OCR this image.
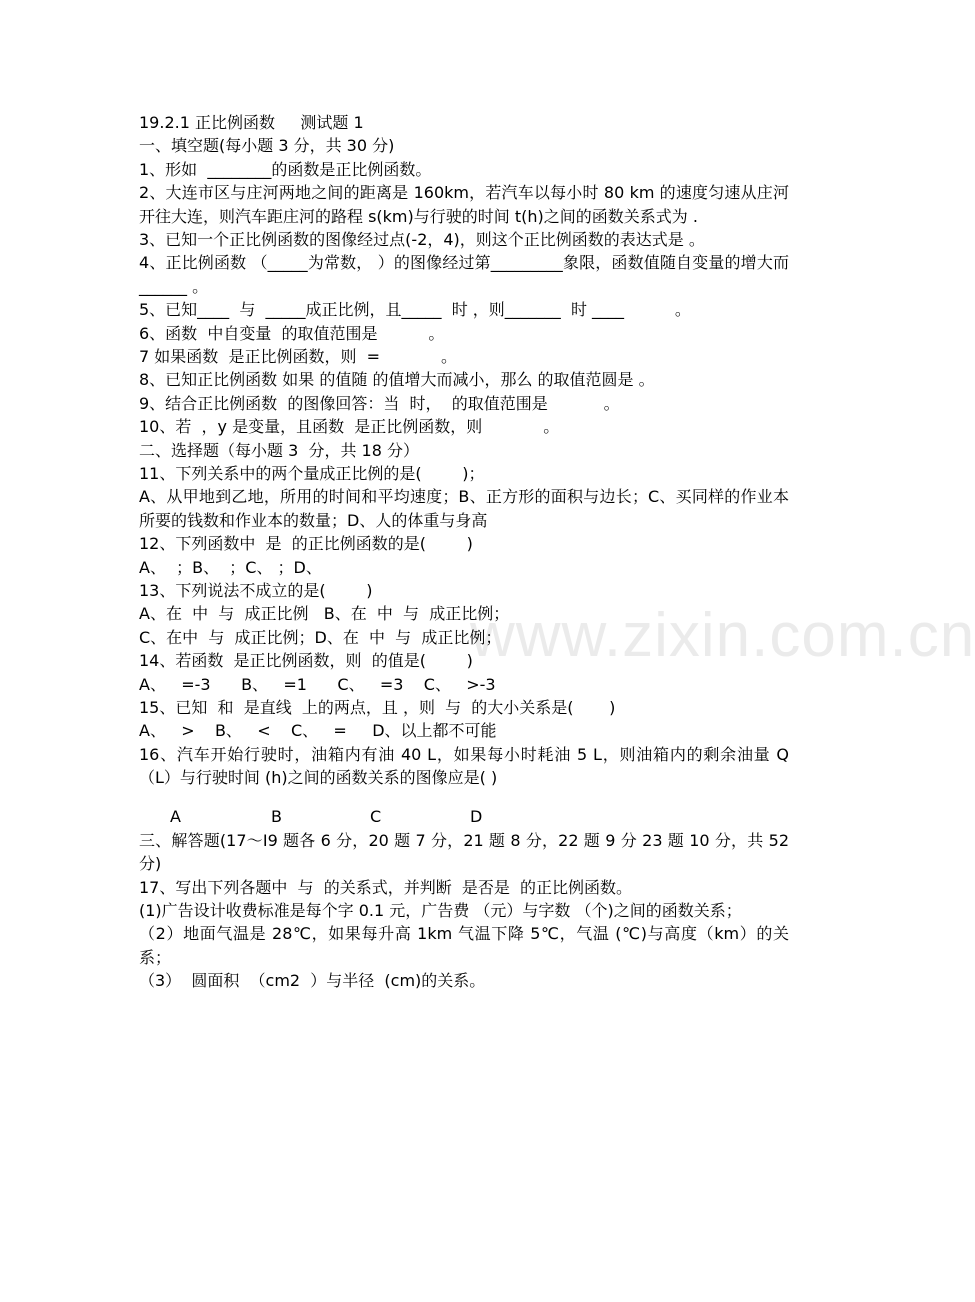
www.zixin.com.cn
19.2.1 正比例函数     测试题 1
一、填空题(每小题 3 分，共 30 分)
1、形如  ________的函数是正比例函数。
2、大连市区与庄河两地之间的距离是 160km，若汽车以每小时 80 km 的速度匀速从庄河开往大连，则汽车距庄河的路程 s(km)与行驶的时间 t(h)之间的函数关系式为 .
3、已知一个正比例函数的图像经过点(-2，4)，则这个正比例函数的表达式是 。
4、正比例函数 （_____为常数， ）的图像经过第_________象限，函数值随自变量的增大而______ 。
5、已知____  与  _____成正比例，且_____  时 ，则_______  时 ____          。
6、函数  中自变量  的取值范围是          。
7 如果函数  是正比例函数，则  =            。
8、已知正比例函数 如果 的值随 的值增大而减小，那么 的取值范圆是 。
9、结合正比例函数  的图像回答：当  时，  的取值范围是           。
10、若  ，y 是变量，且函数  是正比例函数，则            。
二、选择题（每小题 3  分，共 18 分）
11、下列关系中的两个量成正比例的是(        )；
A、从甲地到乙地，所用的时间和平均速度；B、正方形的面积与边长；C、买同样的作业本所要的钱数和作业本的数量；D、人的体重与身高
12、下列函数中  是  的正比例函数的是(        )
A、  ；B、  ；C、 ；D、
13、下列说法不成立的是(        )
A、在  中  与  成正比例   B、在  中  与  成正比例；
C、在中  与  成正比例；D、在  中  与  成正比例；
14、若函数  是正比例函数，则  的值是(        )
A、   =-3      B、   =1      C、   =3    C、   >-3
15、已知  和  是直线  上的两点，且 ，则  与  的大小关系是(       )
A、   >    B、   <    C、   =     D、以上都不可能
16、汽车开始行驶时，油箱内有油 40 L，如果每小时耗油 5 L，则油箱内的剩余油量 Q（L）与行驶时间 (h)之间的函数关系的图像应是( )
A	B	C	D
三、解答题(17～I9 题各 6 分，20 题 7 分，21 题 8 分，22 题 9 分 23 题 10 分，共 52 分)
17、写出下列各题中  与  的关系式，并判断  是否是  的正比例函数。
(1)广告设计收费标准是每个字 0.1 元，广告费 （元）与字数 （个)之间的函数关系；
（2）地面气温是 28℃，如果每升高 1km 气温下降 5℃，气温 (℃)与高度（km）的关系；
（3）  圆面积  （cm2  ）与半径  (cm)的关系。
